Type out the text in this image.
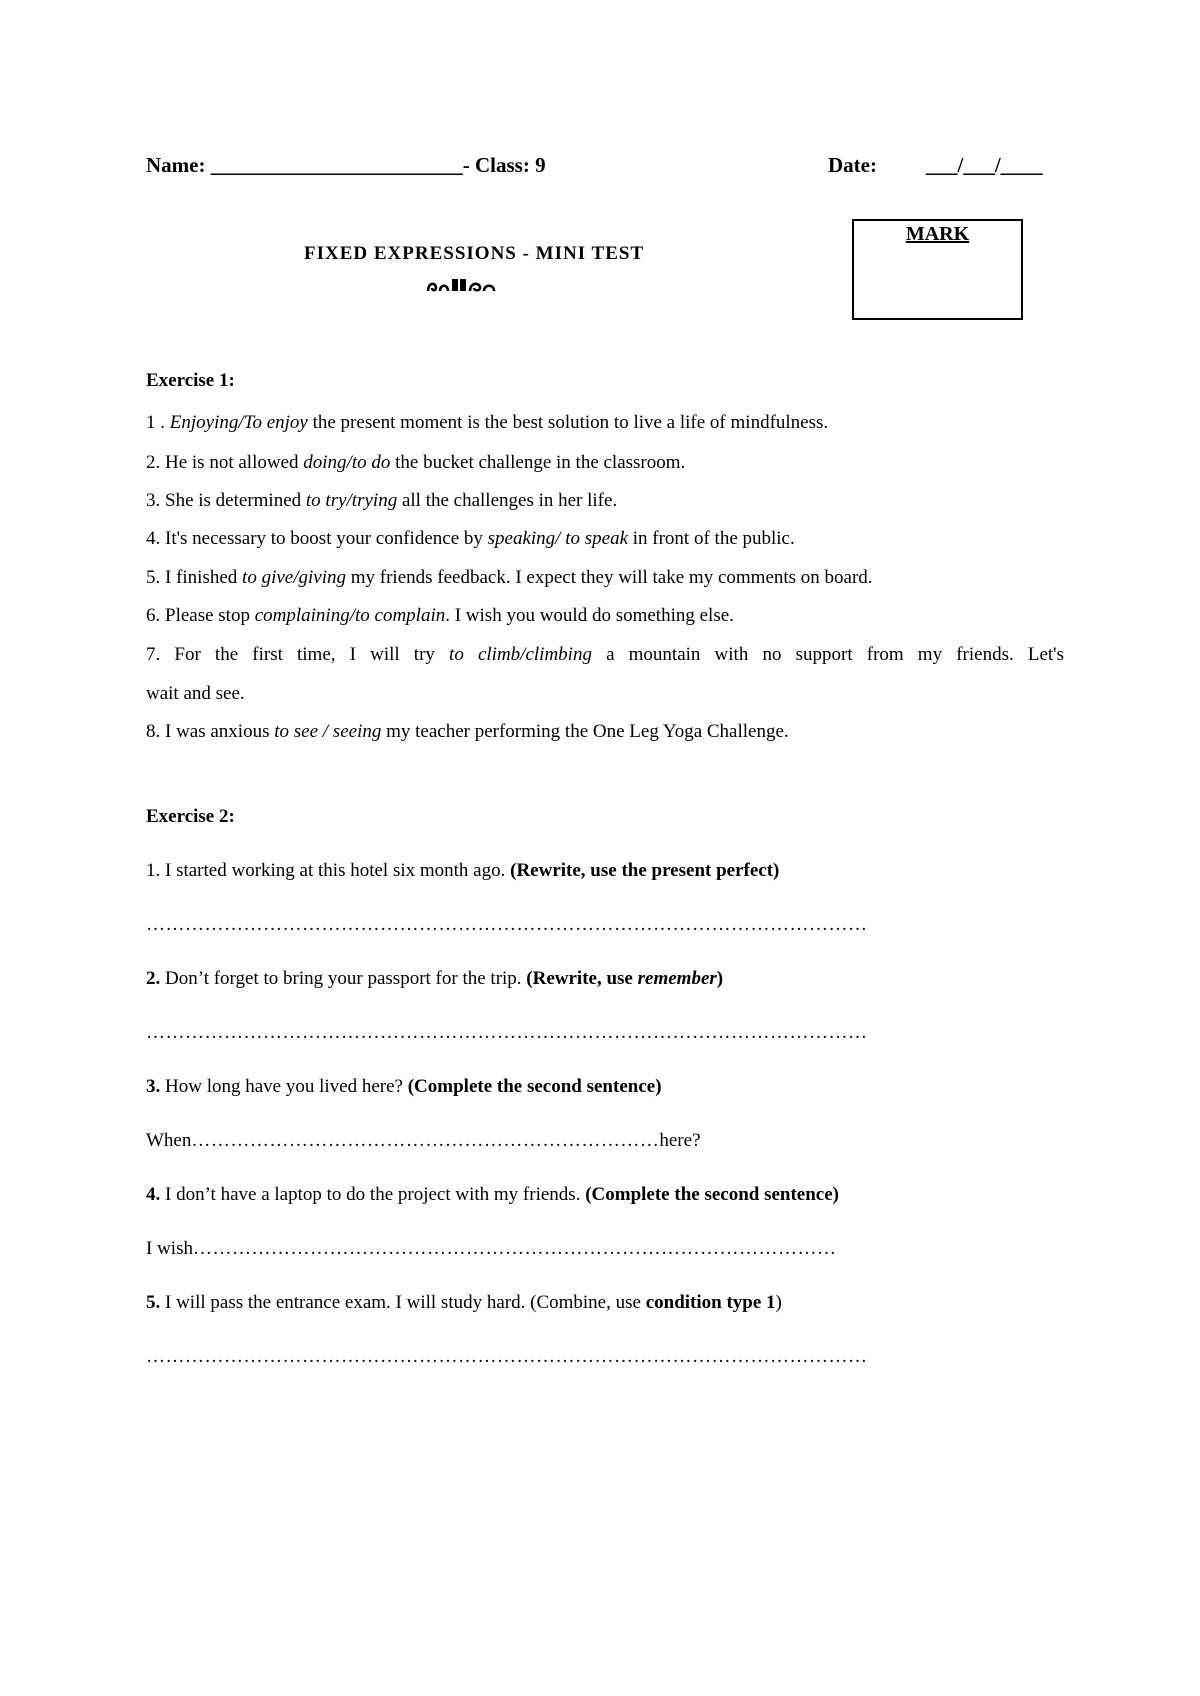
Name: ________________________- Class: 9	Date: ___/___/____
FIXED EXPRESSIONS - MINI TEST
MARK
Exercise 1:
1 . Enjoying/To enjoy the present moment is the best solution to live a life of mindfulness.
2. He is not allowed doing/to do the bucket challenge in the classroom.
3. She is determined to try/trying all the challenges in her life.
4. It's necessary to boost your confidence by speaking/ to speak in front of the public.
5. I finished to give/giving my friends feedback. I expect they will take my comments on board.
6. Please stop complaining/to complain. I wish you would do something else.
7. For the first time, I will try to climb/climbing a mountain with no support from my friends. Let's
wait and see.
8. I was anxious to see / seeing my teacher performing the One Leg Yoga Challenge.
Exercise 2:
1. I started working at this hotel six month ago. (Rewrite, use the present perfect)
…………………………………………………………………………………………………
2. Don’t forget to bring your passport for the trip. (Rewrite, use remember)
…………………………………………………………………………………………………
3. How long have you lived here? (Complete the second sentence)
When………………………………………………………………here?
4. I don’t have a laptop to do the project with my friends. (Complete the second sentence)
I wish………………………………………………………………………………………
5. I will pass the entrance exam. I will study hard. (Combine, use condition type 1)
…………………………………………………………………………………………………
